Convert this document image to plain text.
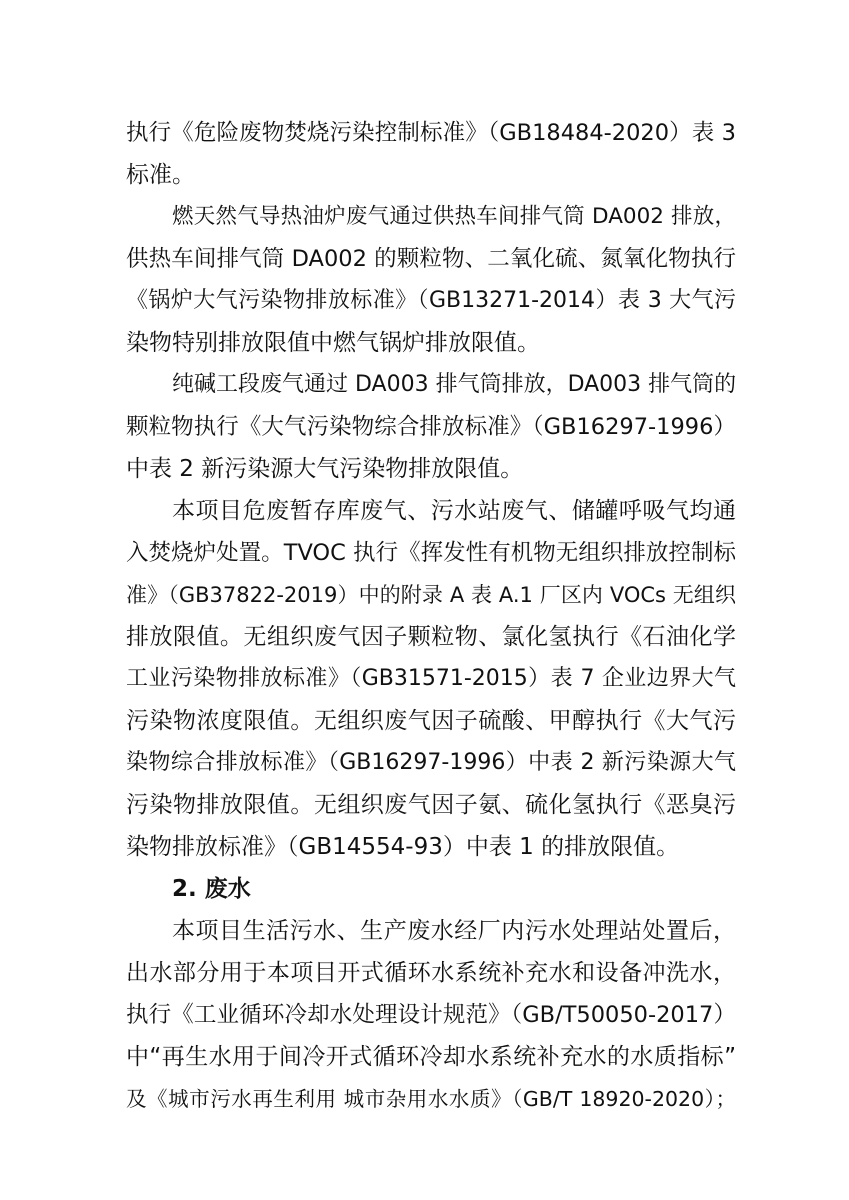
执行《危险废物焚烧污染控制标准》（GB18484-2020）表 3
标准。
燃天然气导热油炉废气通过供热车间排气筒 DA002 排放，
供热车间排气筒 DA002 的颗粒物、二氧化硫、氮氧化物执行
《锅炉大气污染物排放标准》（GB13271-2014）表 3 大气污
染物特别排放限值中燃气锅炉排放限值。
纯碱工段废气通过 DA003 排气筒排放，DA003 排气筒的
颗粒物执行《大气污染物综合排放标准》（GB16297-1996）
中表 2 新污染源大气污染物排放限值。
本项目危废暂存库废气、污水站废气、储罐呼吸气均通
入焚烧炉处置。TVOC 执行《挥发性有机物无组织排放控制标
准》（GB37822-2019）中的附录 A 表 A.1 厂区内 VOCs 无组织
排放限值。无组织废气因子颗粒物、氯化氢执行《石油化学
工业污染物排放标准》（GB31571-2015）表 7 企业边界大气
污染物浓度限值。无组织废气因子硫酸、甲醇执行《大气污
染物综合排放标准》（GB16297-1996）中表 2 新污染源大气
污染物排放限值。无组织废气因子氨、硫化氢执行《恶臭污
染物排放标准》（GB14554-93）中表 1 的排放限值。
2. 废水
本项目生活污水、生产废水经厂内污水处理站处置后，
出水部分用于本项目开式循环水系统补充水和设备冲洗水，
执行《工业循环冷却水处理设计规范》（GB/T50050-2017）
中“再生水用于间冷开式循环冷却水系统补充水的水质指标”
及《城市污水再生利用 城市杂用水水质》（GB/T 18920-2020）；
